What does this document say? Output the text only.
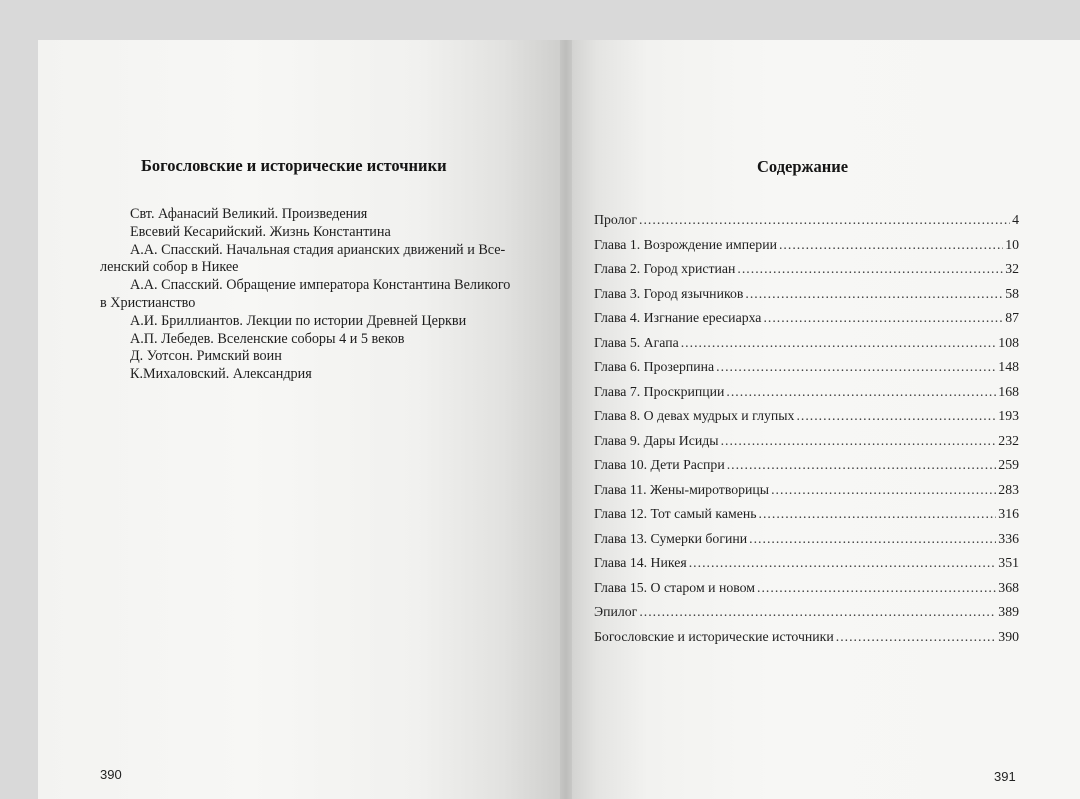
Богословские и исторические источники
Свт. Афанасий Великий. Произведения
Евсевий Кесарийский. Жизнь Константина
А.А. Спасский. Начальная стадия арианских движений и Все-
ленский собор в Никее
А.А. Спасский. Обращение императора Константина Великого
в Христианство
А.И. Бриллиантов. Лекции по истории Древней Церкви
А.П. Лебедев. Вселенские соборы 4 и 5 веков
Д. Уотсон. Римский воин
К.Михаловский. Александрия
390
Содержание
Пролог .....	4
Глава 1. Возрождение империи .....	10
Глава 2. Город христиан .....	32
Глава 3. Город язычников .....	58
Глава 4. Изгнание ересиарха .....	87
Глава 5. Агапа .....	108
Глава 6. Прозерпина .....	148
Глава 7. Проскрипции .....	168
Глава 8. О девах мудрых и глупых .....	193
Глава 9. Дары Исиды .....	232
Глава 10. Дети Распри .....	259
Глава 11. Жены-миротворицы .....	283
Глава 12. Тот самый камень .....	316
Глава 13. Сумерки богини .....	336
Глава 14. Никея .....	351
Глава 15. О старом и новом .....	368
Эпилог .....	389
Богословские и исторические источники .....	390
391
